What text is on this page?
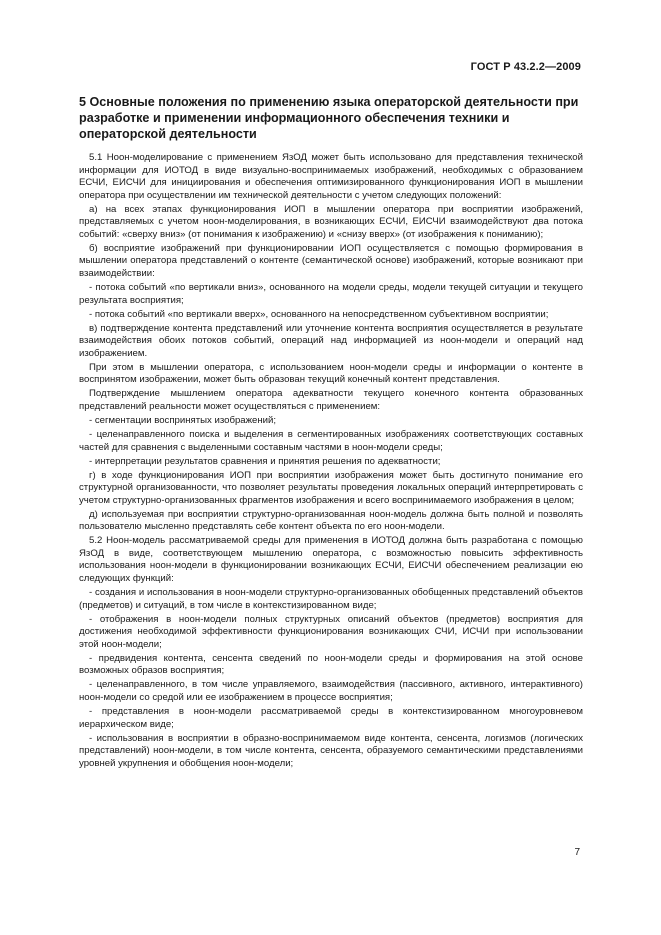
ГОСТ Р 43.2.2—2009
5 Основные положения по применению языка операторской деятельности при разработке и применении информационного обеспечения техники и операторской деятельности

5.1 Ноон-моделирование с применением ЯзОД может быть использовано для представления технической информации для ИОТОД в виде визуально-воспринимаемых изображений, необходимых с образованием ЕСЧИ, ЕИСЧИ для инициирования и обеспечения оптимизированного функционирования ИОП в мышлении оператора при осуществлении им технической деятельности с учетом следующих положений:

а) на всех этапах функционирования ИОП в мышлении оператора при восприятии изображений, представляемых с учетом ноон-моделирования, в возникающих ЕСЧИ, ЕИСЧИ взаимодействуют два потока событий: «сверху вниз» (от понимания к изображению) и «снизу вверх» (от изображения к пониманию);

б) восприятие изображений при функционировании ИОП осуществляется с помощью формирования в мышлении оператора представлений о контенте (семантической основе) изображений, которые возникают при взаимодействии:

- потока событий «по вертикали вниз», основанного на модели среды, модели текущей ситуации и текущего результата восприятия;

- потока событий «по вертикали вверх», основанного на непосредственном субъективном восприятии;

в) подтверждение контента представлений или уточнение контента восприятия осуществляется в результате взаимодействия обоих потоков событий, операций над информацией из ноон-модели и операций над изображением.

При этом в мышлении оператора, с использованием ноон-модели среды и информации о контенте в воспринятом изображении, может быть образован текущий конечный контент представления.

Подтверждение мышлением оператора адекватности текущего конечного контента образованных представлений реальности может осуществляться с применением:

- сегментации воспринятых изображений;

- целенаправленного поиска и выделения в сегментированных изображениях соответствующих составных частей для сравнения с выделенными составным частями в ноон-модели среды;

- интерпретации результатов сравнения и принятия решения по адекватности;

г) в ходе функционирования ИОП при восприятии изображения может быть достигнуто понимание его структурной организованности, что позволяет результаты проведения локальных операций интерпретировать с учетом структурно-организованных фрагментов изображения и всего воспринимаемого изображения в целом;

д) используемая при восприятии структурно-организованная ноон-модель должна быть полной и позволять пользователю мысленно представлять себе контент объекта по его ноон-модели.

5.2 Ноон-модель рассматриваемой среды для применения в ИОТОД должна быть разработана с помощью ЯзОД в виде, соответствующем мышлению оператора, с возможностью повысить эффективность использования ноон-модели в функционировании возникающих ЕСЧИ, ЕИСЧИ обеспечением реализации ею следующих функций:

- создания и использования в ноон-модели структурно-организованных обобщенных представлений объектов (предметов) и ситуаций, в том числе в контекстизированном виде;

- отображения в ноон-модели полных структурных описаний объектов (предметов) восприятия для достижения необходимой эффективности функционирования возникающих СЧИ, ИСЧИ при использовании этой ноон-модели;

- предвидения контента, сенсента сведений по ноон-модели среды и формирования на этой основе возможных образов восприятия;

- целенаправленного, в том числе управляемого, взаимодействия (пассивного, активного, интерактивного) ноон-модели со средой или ее изображением в процессе восприятия;

- представления в ноон-модели рассматриваемой среды в контекстизированном многоуровневом иерархическом виде;

- использования в восприятии в образно-воспринимаемом виде контента, сенсента, логизмов (логических представлений) ноон-модели, в том числе контента, сенсента, образуемого семантическими представлениями уровней укрупнения и обобщения ноон-модели;

7
